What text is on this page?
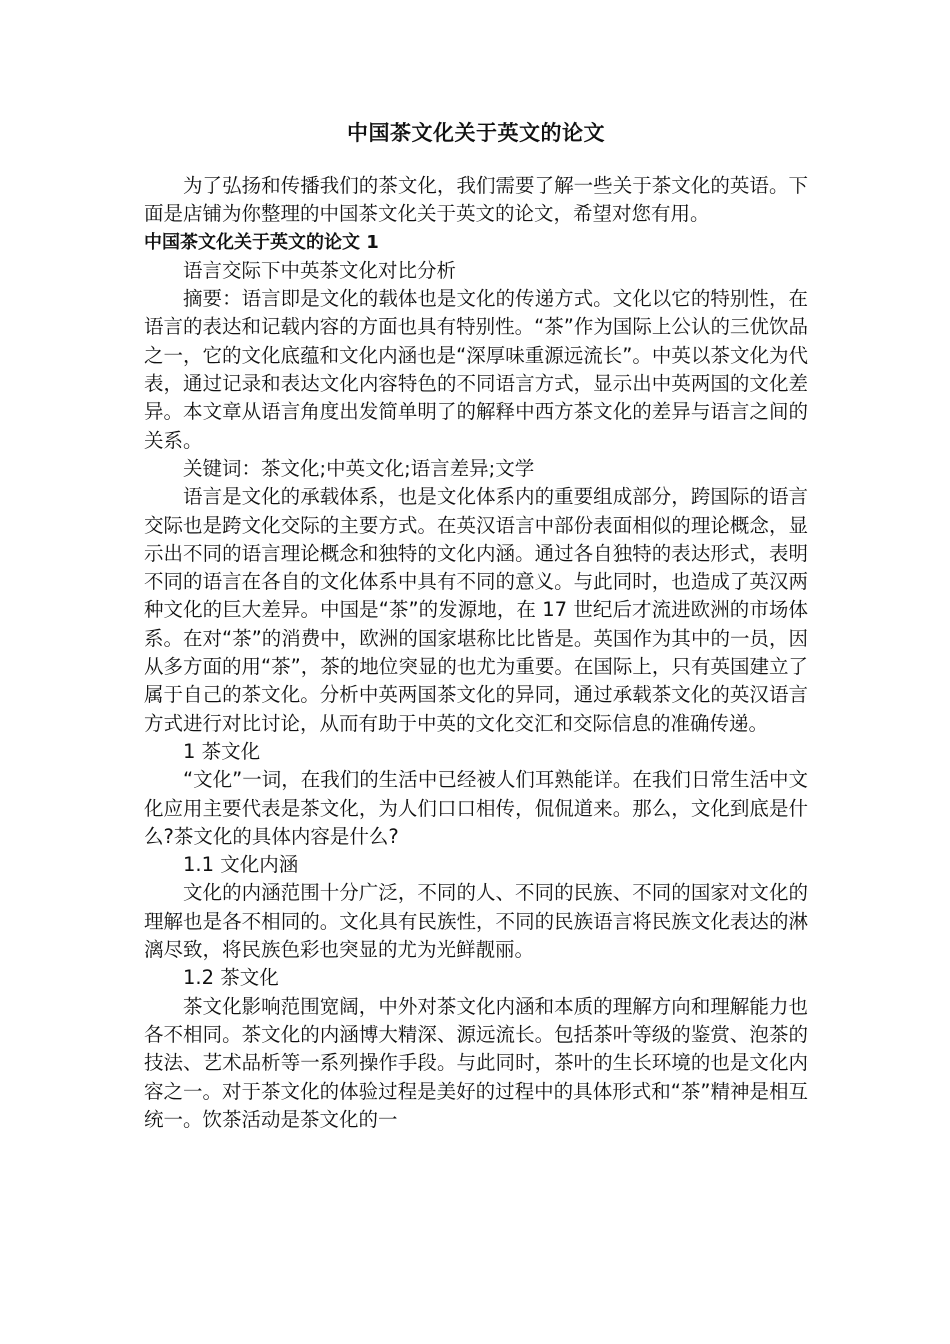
中国茶文化关于英文的论文

为了弘扬和传播我们的茶文化，我们需要了解一些关于茶文化的英语。下面是店铺为你整理的中国茶文化关于英文的论文，希望对您有用。

中国茶文化关于英文的论文 1

语言交际下中英茶文化对比分析

摘要：语言即是文化的载体也是文化的传递方式。文化以它的特别性，在语言的表达和记载内容的方面也具有特别性。“茶”作为国际上公认的三优饮品之一，它的文化底蕴和文化内涵也是“深厚味重源远流长”。中英以茶文化为代表，通过记录和表达文化内容特色的不同语言方式，显示出中英两国的文化差异。本文章从语言角度出发简单明了的解释中西方茶文化的差异与语言之间的关系。

关键词：茶文化;中英文化;语言差异;文学

语言是文化的承载体系，也是文化体系内的重要组成部分，跨国际的语言交际也是跨文化交际的主要方式。在英汉语言中部份表面相似的理论概念，显示出不同的语言理论概念和独特的文化内涵。通过各自独特的表达形式，表明不同的语言在各自的文化体系中具有不同的意义。与此同时，也造成了英汉两种文化的巨大差异。中国是“茶”的发源地，在 17 世纪后才流进欧洲的市场体系。在对“茶”的消费中，欧洲的国家堪称比比皆是。英国作为其中的一员，因从多方面的用“茶”，茶的地位突显的也尤为重要。在国际上，只有英国建立了属于自己的茶文化。分析中英两国茶文化的异同，通过承载茶文化的英汉语言方式进行对比讨论，从而有助于中英的文化交汇和交际信息的准确传递。

1 茶文化

“文化”一词，在我们的生活中已经被人们耳熟能详。在我们日常生活中文化应用主要代表是茶文化，为人们口口相传，侃侃道来。那么，文化到底是什么?茶文化的具体内容是什么?

1.1 文化内涵

文化的内涵范围十分广泛，不同的人、不同的民族、不同的国家对文化的理解也是各不相同的。文化具有民族性，不同的民族语言将民族文化表达的淋漓尽致，将民族色彩也突显的尤为光鲜靓丽。

1.2 茶文化

茶文化影响范围宽阔，中外对茶文化内涵和本质的理解方向和理解能力也各不相同。茶文化的内涵博大精深、源远流长。包括茶叶等级的鉴赏、泡茶的技法、艺术品析等一系列操作手段。与此同时，茶叶的生长环境的也是文化内容之一。对于茶文化的体验过程是美好的过程中的具体形式和“茶”精神是相互统一。饮茶活动是茶文化的一
